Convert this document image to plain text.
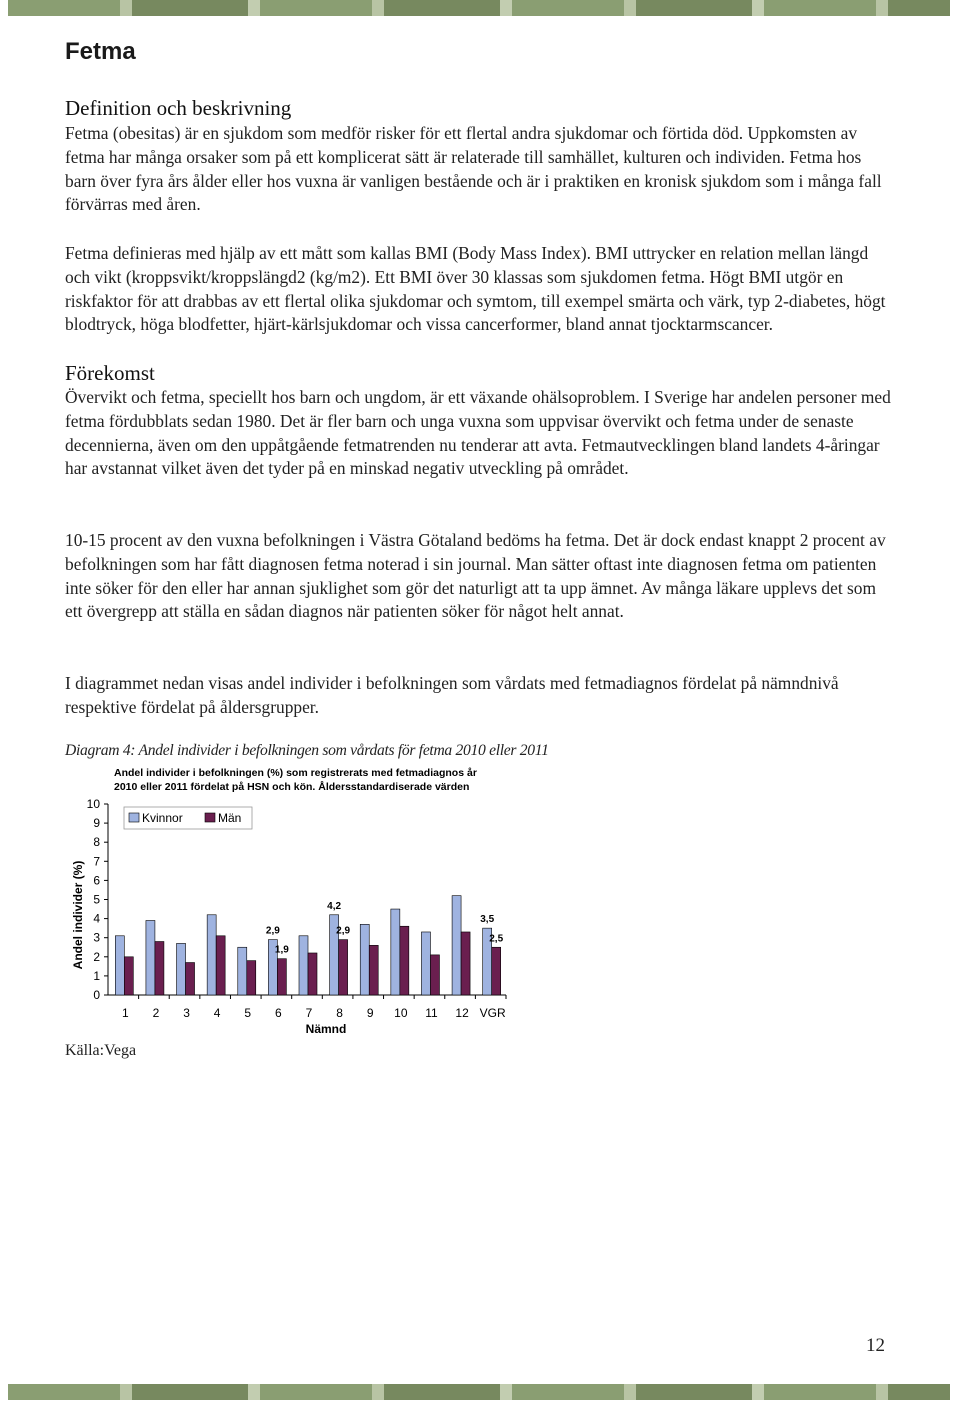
Fetma
Definition och beskrivning

Fetma (obesitas) är en sjukdom som medför risker för ett flertal andra sjukdomar och förtida död. Uppkomsten av fetma har många orsaker som på ett komplicerat sätt är relaterade till samhället, kulturen och individen. Fetma hos barn över fyra års ålder eller hos vuxna är vanligen bestående och är i praktiken en kronisk sjukdom som i många fall förvärras med åren.

Fetma definieras med hjälp av ett mått som kallas BMI (Body Mass Index). BMI uttrycker en relation mellan längd och vikt (kroppsvikt/kroppslängd2 (kg/m2). Ett BMI över 30 klassas som sjukdomen fetma. Högt BMI utgör en riskfaktor för att drabbas av ett flertal olika sjukdomar och symtom, till exempel smärta och värk, typ 2-diabetes, högt blodtryck, höga blodfetter, hjärt-kärlsjukdomar och vissa cancerformer, bland annat tjocktarmscancer.

Förekomst

Övervikt och fetma, speciellt hos barn och ungdom, är ett växande ohälsoproblem. I Sverige har andelen personer med fetma fördubblats sedan 1980. Det är fler barn och unga vuxna som uppvisar övervikt och fetma under de senaste decennierna, även om den uppåtgående fetmatrenden nu tenderar att avta. Fetmautvecklingen bland landets 4-åringar har avstannat vilket även det tyder på en minskad negativ utveckling på området.

10-15 procent av den vuxna befolkningen i Västra Götaland bedöms ha fetma. Det är dock endast knappt 2 procent av befolkningen som har fått diagnosen fetma noterad i sin journal. Man sätter oftast inte diagnosen fetma om patienten inte söker för den eller har annan sjuklighet som gör det naturligt att ta upp ämnet. Av många läkare upplevs det som ett övergrepp att ställa en sådan diagnos när patienten söker för något helt annat.

I diagrammet nedan visas andel individer i befolkningen som vårdats med fetmadiagnos fördelat på nämndnivå respektive fördelat på åldersgrupper.

Diagram 4: Andel individer i befolkningen som vårdats för fetma 2010 eller 2011

Andel individer i befolkningen (%) som registrerats med fetmadiagnos år
2010 eller 2011 fördelat på HSN och kön. Åldersstandardiserade värden
Andel individer (%)
Nämnd
0
1
2
3
4
5
6
7
8
9
10
1 2 3 4 5 6
2,9
1,9
7 8
4,2
2,9
9 10 11 12 VGR
3,5
2,5
Kvinnor	Män

Källa:Vega

12
